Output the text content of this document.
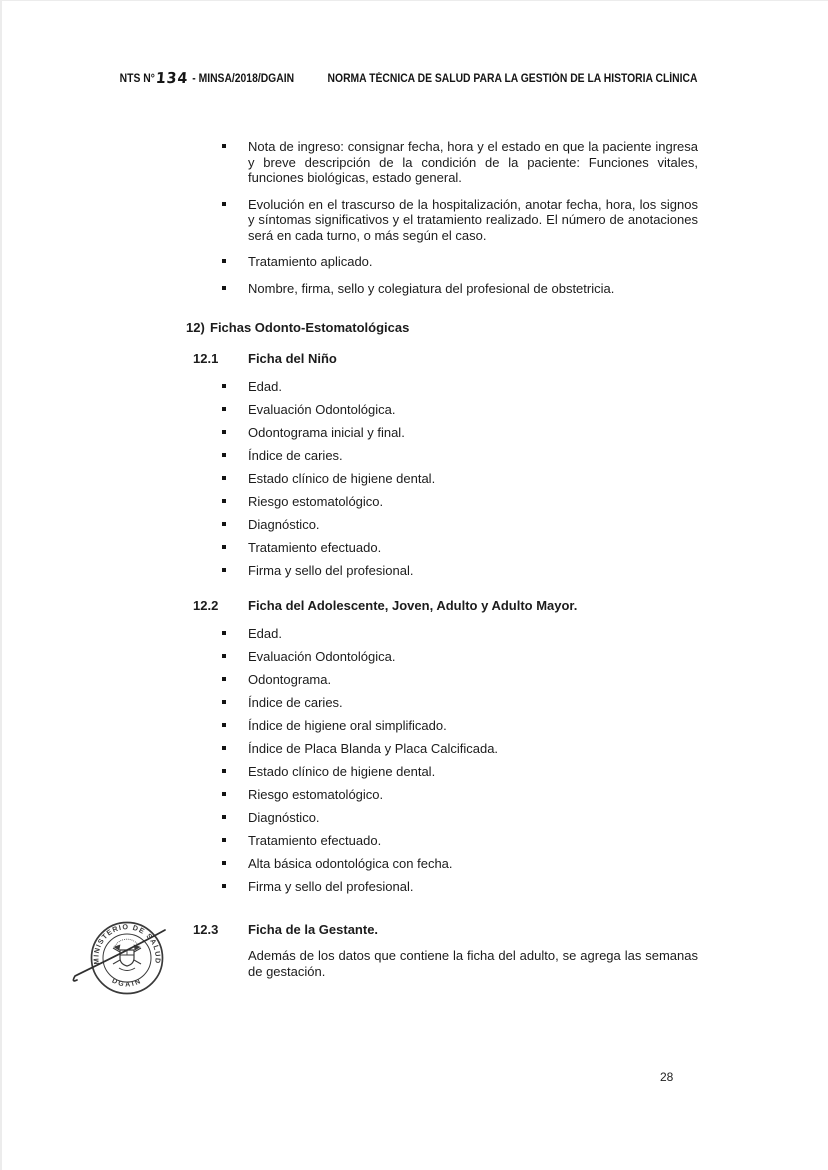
NTS N°134 - MINSA/2018/DGAIN	NORMA TÉCNICA DE SALUD PARA LA GESTIÓN DE LA HISTORIA CLÍNICA
Nota de ingreso: consignar fecha, hora y el estado en que la paciente ingresa y breve descripción de la condición de la paciente: Funciones vitales, funciones biológicas, estado general.
Evolución en el trascurso de la hospitalización, anotar fecha, hora, los signos y síntomas significativos y el tratamiento realizado. El número de anotaciones será en cada turno, o más según el caso.
Tratamiento aplicado.
Nombre, firma, sello y colegiatura del profesional de obstetricia.
12) Fichas Odonto-Estomatológicas
12.1	Ficha del Niño
Edad.
Evaluación Odontológica.
Odontograma inicial y final.
Índice de caries.
Estado clínico de higiene dental.
Riesgo estomatológico.
Diagnóstico.
Tratamiento efectuado.
Firma y sello del profesional.
12.2	Ficha del Adolescente, Joven, Adulto y Adulto Mayor.
Edad.
Evaluación Odontológica.
Odontograma.
Índice de caries.
Índice de higiene oral simplificado.
Índice de Placa Blanda y Placa Calcificada.
Estado clínico de higiene dental.
Riesgo estomatológico.
Diagnóstico.
Tratamiento efectuado.
Alta básica odontológica con fecha.
Firma y sello del profesional.
12.3	Ficha de la Gestante.

Además de los datos que contiene la ficha del adulto, se agrega las semanas de gestación.

MINISTERIO DE SALUD
DGAIN
28
